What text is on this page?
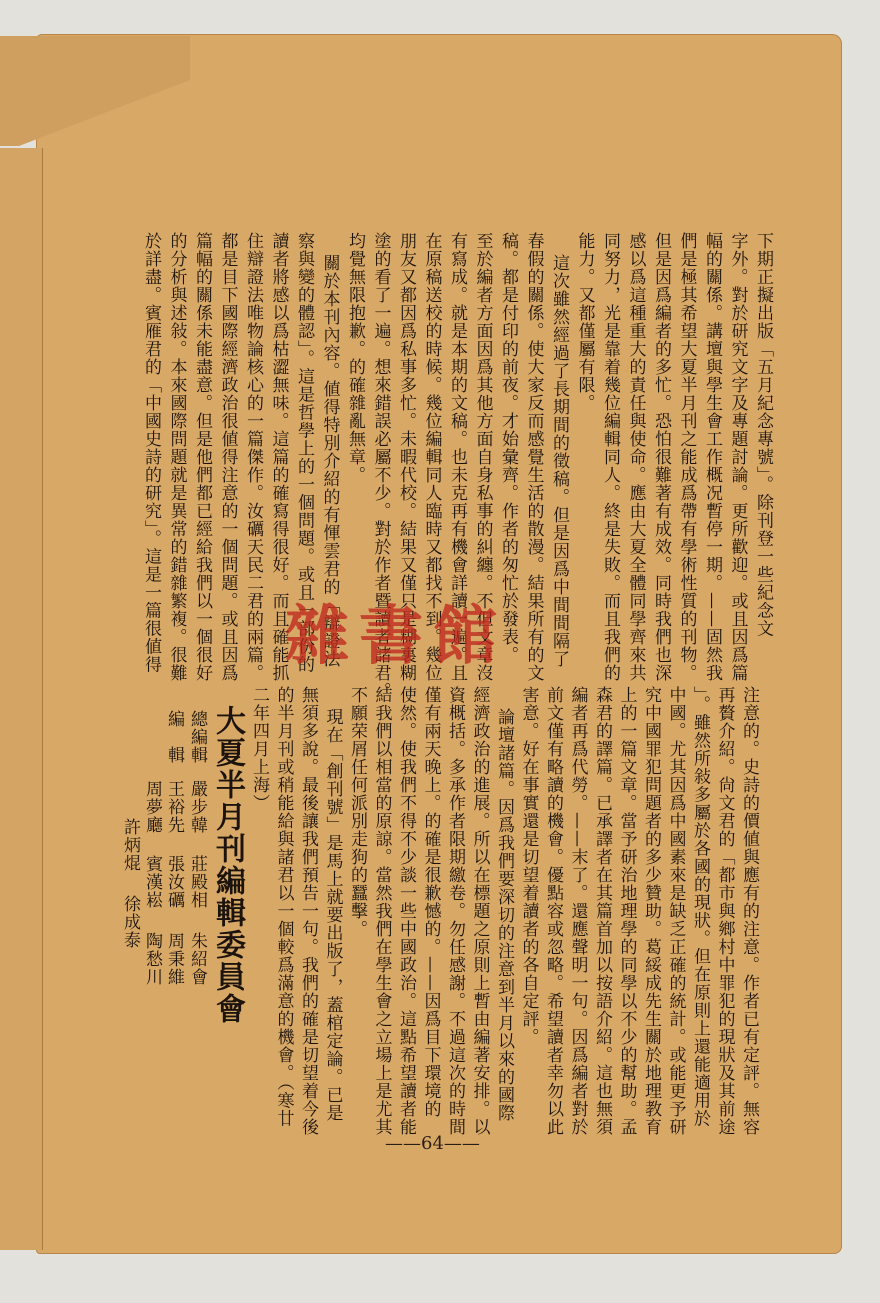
下期正擬出版「五月紀念專號」。除刊登一些紀念文
字外。對於研究文字及專題討論。更所歡迎。或且因爲篇
幅的關係。講壇與學生會工作概况暫停一期。——固然我
們是極其希望大夏半月刊之能成爲帶有學術性質的刊物。
但是因爲編者的多忙。恐怕很難著有成效。同時我們也深
感以爲這種重大的責任與使命。應由大夏全體同學齊來共
同努力，光是靠着幾位編輯同人。終是失敗。而且我們的
能力。又都僅屬有限。
這次雖然經過了長期間的徵稿。但是因爲中間間隔了
春假的關係。使大家反而感覺生活的散漫。結果所有的文
稿。都是付印的前夜。才始彙齊。作者的匆忙於發表。
至於編者方面因爲其他方面自身私事的糾纏。不但文章沒
有寫成。就是本期的文稿。也未克再有機會詳讀一遍。且
在原稿送校的時候。幾位編輯同人臨時又都找不到。幾位
朋友又都因爲私事多忙。未暇代校。結果又僅只是糊裏糊
塗的看了一遍。想來錯誤必屬不少。對於作者暨讀者諸君。
均覺無限抱歉。的確雜亂無章。
關於本刊內容。値得特別介紹的有惲雲君的「辯證法
察與變的體認」。這是哲學上的一個問題。或且一部份的
讀者將感以爲枯澀無味。這篇的確寫得很好。而且確能抓
住辯證法唯物論核心的一篇傑作。汝礪天民二君的兩篇。
都是目下國際經濟政治很値得注意的一個問題。或且因爲
篇幅的關係未能盡意。但是他們都已經給我們以一個很好
的分析與述敍。本來國際問題就是異常的錯雜繁複。很難
於詳盡。賓雁君的「中國史詩的研究」。這是一篇很値得
注意的。史詩的價値與應有的注意。作者已有定評。無容
再贅介紹。尙文君的「都市與鄉村中罪犯的現狀及其前途
」。雖然所敍多屬於各國的現狀。但在原則上還能適用於
中國。尤其因爲中國素來是缺乏正確的統計。或能更予研
究中國罪犯問題者的多少贊助。葛綏成先生關於地理教育
上的一篇文章。當予研治地理學的同學以不少的幫助。孟
森君的譯篇。已承譯者在其篇首加以按語介紹。這也無須
編者再爲代勞。——末了。還應聲明一句。因爲編者對於
前文僅有略讀的機會。優點容或忽略。希望讀者幸勿以此
害意。好在事實還是切望着讀者的各自定評。
論壇諸篇。因爲我們要深切的注意到半月以來的國際
經濟政治的進展。所以在標題之原則上暫由編著安排。以
資概括。多承作者限期繳卷。勿任感謝。不過這次的時間
僅有兩天晚上。的確是很歉憾的。——因爲目下環境的
使然。使我們不得不少談一些中國政治。這點希望讀者能
結我們以相當的原諒。當然我們在學生會之立場上是尤其
不願荣屑任何派別走狗的蠶擊。
現在「創刊號」是馬上就要出版了，蓋棺定論。已是
無須多說。最後讓我們預告一句。我們的確是切望着今後
的半月刊或稍能給與諸君以一個較爲滿意的機會。（寒廿
二年四月上海）
大夏半月刊編輯委員會
總編輯
嚴步韓
莊殿相
朱紹會
編　輯
王裕先
張汝礪
周秉維
周夢廳
賓漢崧
陶愁川
許炳焜
徐成泰
——64——
雜書館
